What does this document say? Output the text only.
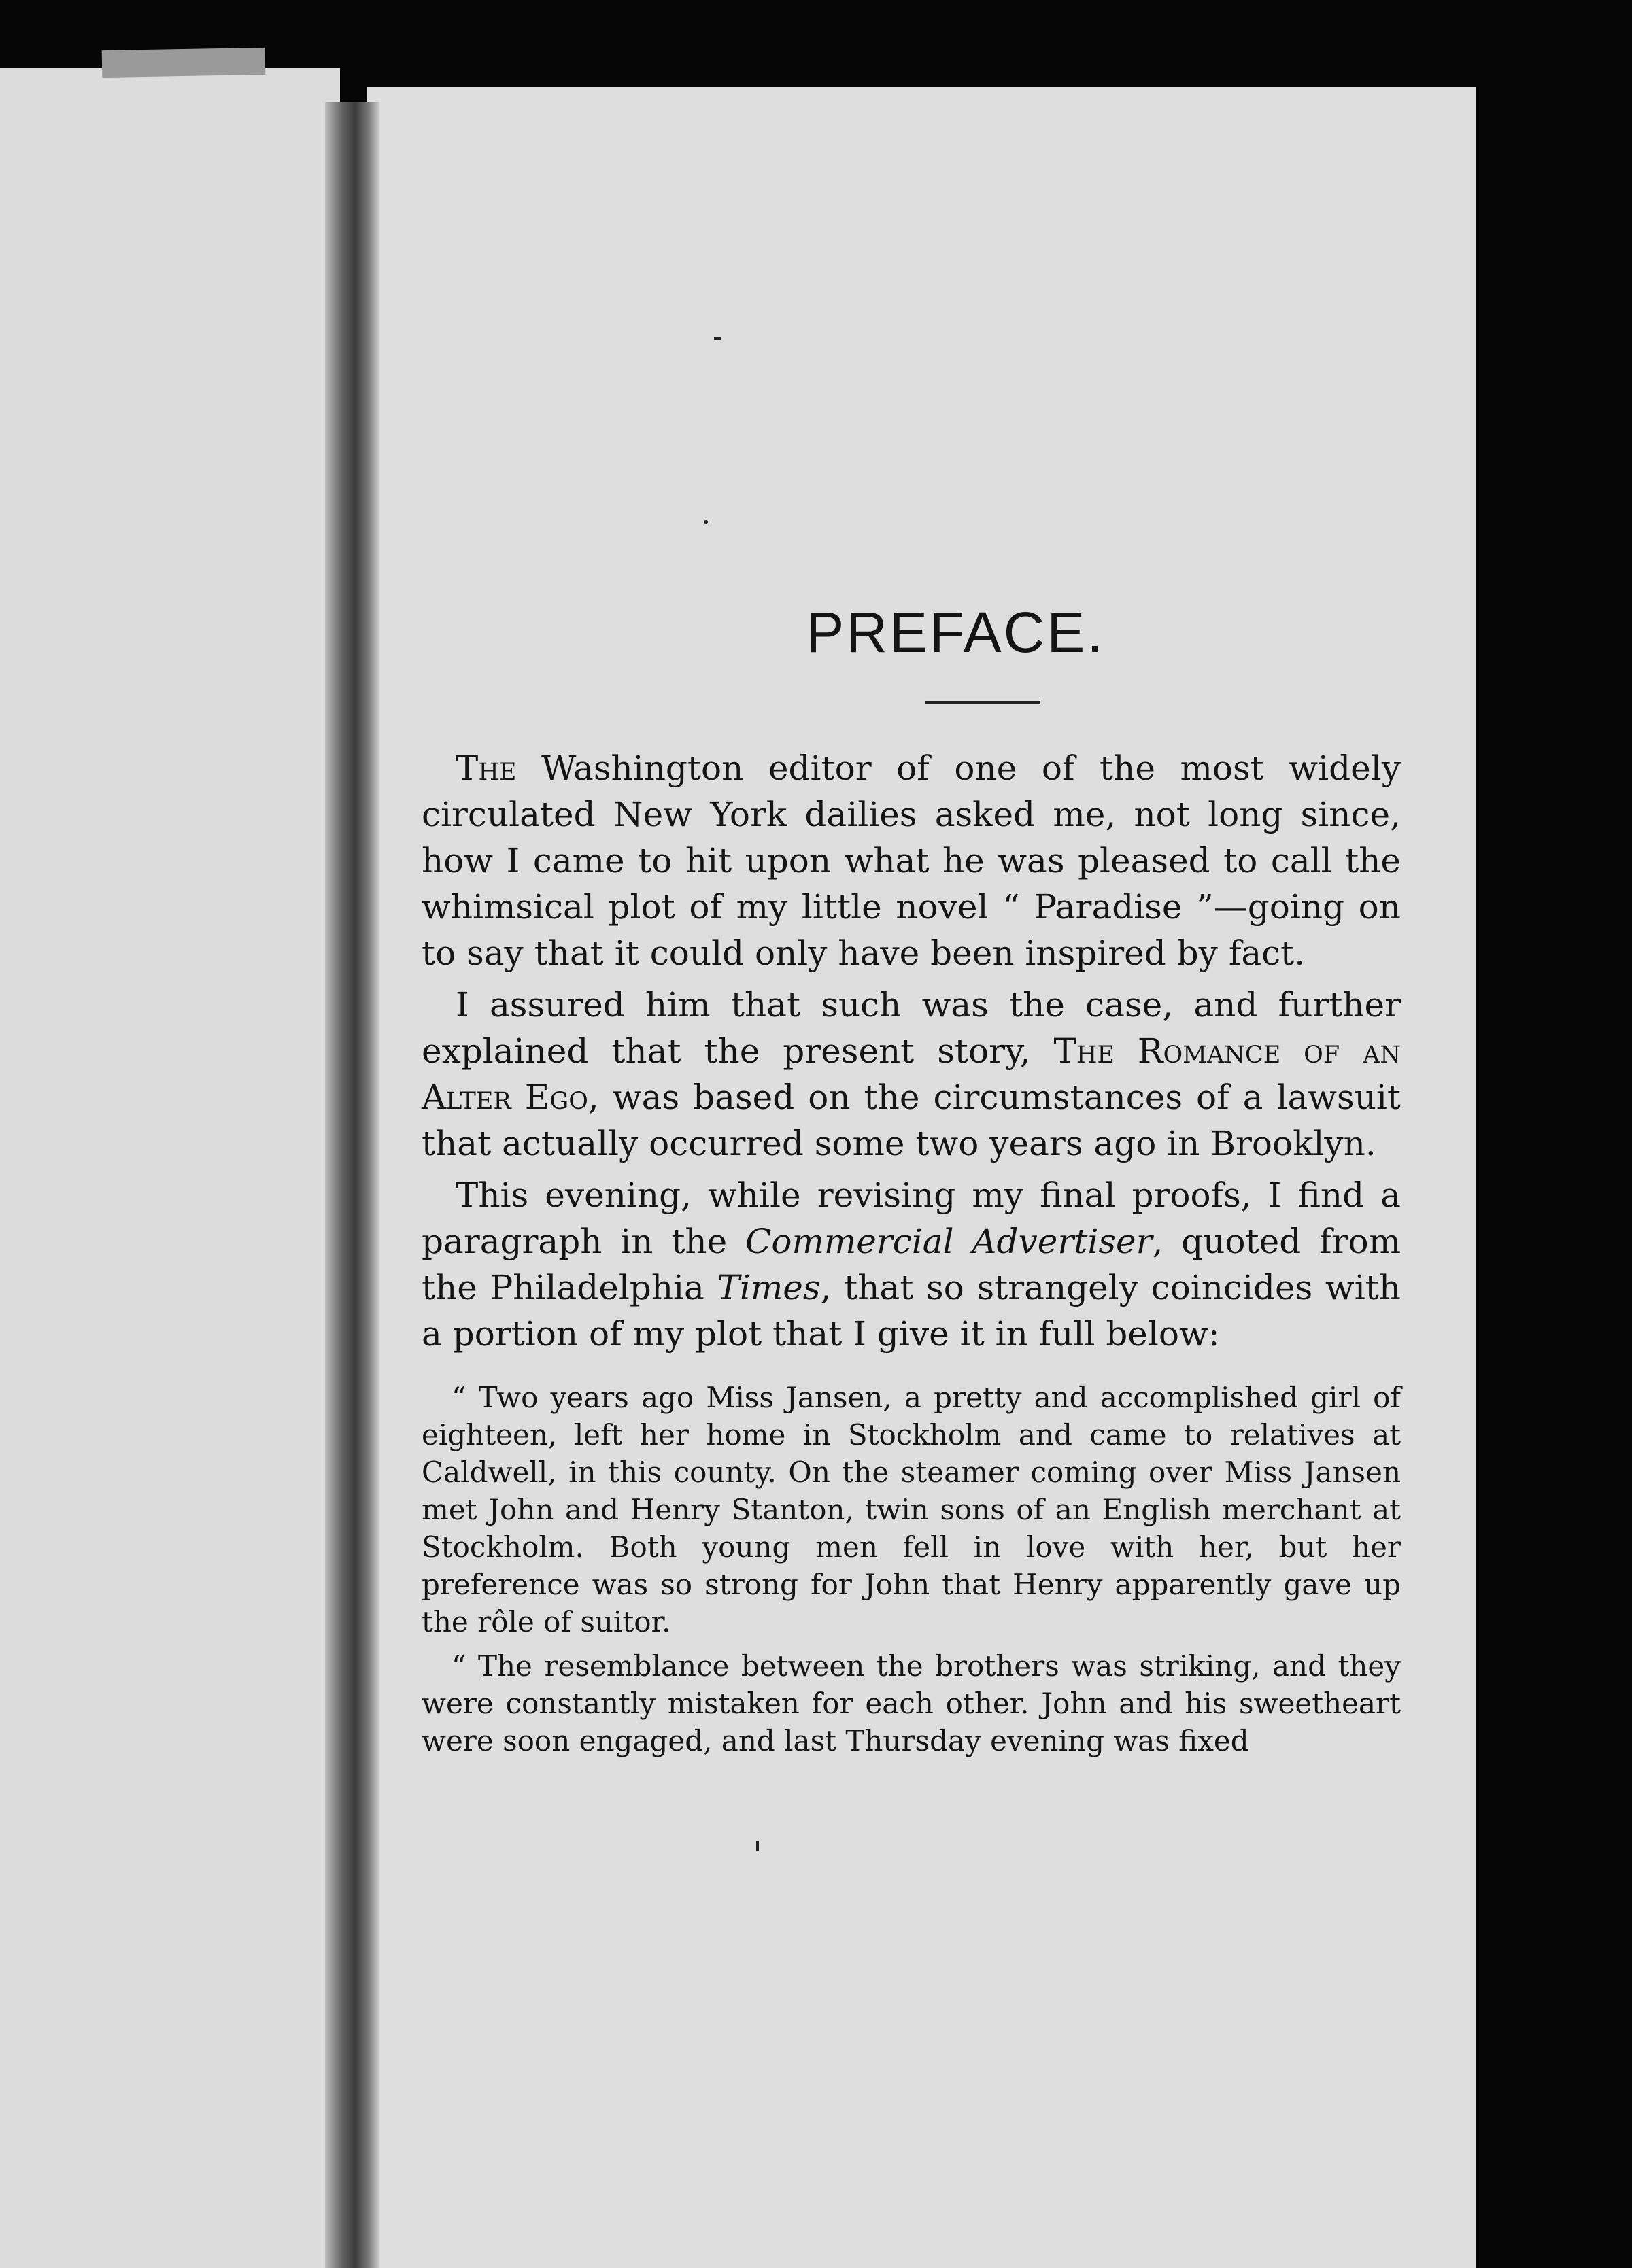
PREFACE.

The Washington editor of one of the most widely circulated New York dailies asked me, not long since, how I came to hit upon what he was pleased to call the whimsical plot of my little novel “ Paradise ”—going on to say that it could only have been inspired by fact.

I assured him that such was the case, and further explained that the present story, The Romance of an Alter Ego, was based on the circumstances of a lawsuit that actually occurred some two years ago in Brooklyn.

This evening, while revising my final proofs, I find a paragraph in the Commercial Advertiser, quoted from the Philadelphia Times, that so strangely coincides with a portion of my plot that I give it in full below:

“ Two years ago Miss Jansen, a pretty and accomplished girl of eighteen, left her home in Stockholm and came to relatives at Caldwell, in this county. On the steamer coming over Miss Jansen met John and Henry Stanton, twin sons of an English merchant at Stockholm. Both young men fell in love with her, but her preference was so strong for John that Henry apparently gave up the rôle of suitor.

“ The resemblance between the brothers was striking, and they were constantly mistaken for each other. John and his sweetheart were soon engaged, and last Thursday evening was fixed
